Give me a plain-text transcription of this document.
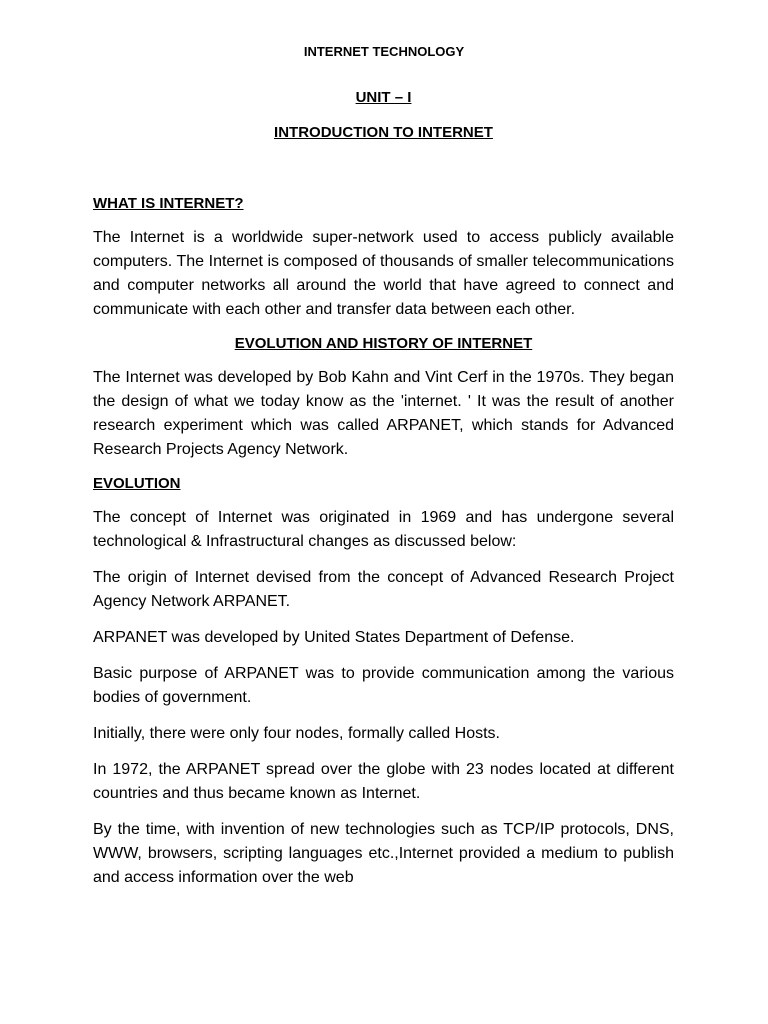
INTERNET TECHNOLOGY
UNIT – I
INTRODUCTION TO INTERNET
WHAT IS INTERNET?

The Internet is a worldwide super-network used to access publicly available computers. The Internet is composed of thousands of smaller telecommunications and computer networks all around the world that have agreed to connect and communicate with each other and transfer data between each other.

EVOLUTION AND HISTORY OF INTERNET

The Internet was developed by Bob Kahn and Vint Cerf in the 1970s. They began the design of what we today know as the 'internet. ' It was the result of another research experiment which was called ARPANET, which stands for Advanced Research Projects Agency Network.

EVOLUTION

The concept of Internet was originated in 1969 and has undergone several technological & Infrastructural changes as discussed below:

The origin of Internet devised from the concept of Advanced Research Project Agency Network ARPANET.

ARPANET was developed by United States Department of Defense.

Basic purpose of ARPANET was to provide communication among the various bodies of government.

Initially, there were only four nodes, formally called Hosts.

In 1972, the ARPANET spread over the globe with 23 nodes located at different countries and thus became known as Internet.

By the time, with invention of new technologies such as TCP/IP protocols, DNS, WWW, browsers, scripting languages etc.,Internet provided a medium to publish and access information over the web
